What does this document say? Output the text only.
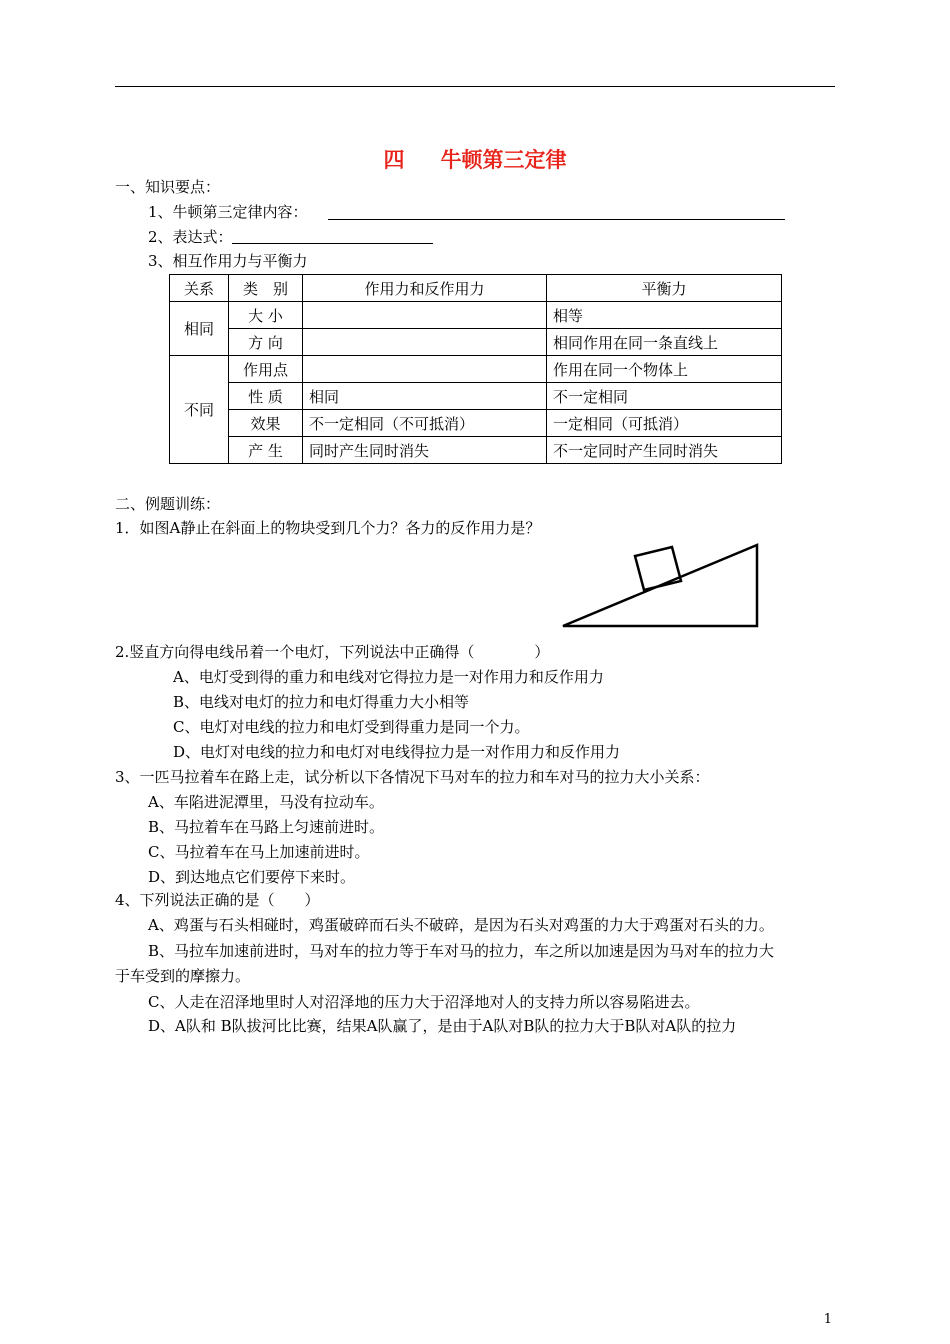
四 牛顿第三定律
一、知识要点：
1、牛顿第三定律内容：
2、表达式：
3、相互作用力与平衡力
关系	类　别	作用力和反作用力	平衡力
相同	大 小		相等
	方 向		相同作用在同一条直线上
不同	作用点		作用在同一个物体上
	性 质	相同	不一定相同
	效果	不一定相同（不可抵消）	一定相同（可抵消）
	产 生	同时产生同时消失	不一定同时产生同时消失
二、例题训练：
1．如图A静止在斜面上的物块受到几个力？各力的反作用力是？
2.竖直方向得电线吊着一个电灯，下列说法中正确得（　　　　）
A、电灯受到得的重力和电线对它得拉力是一对作用力和反作用力
B、电线对电灯的拉力和电灯得重力大小相等
C、电灯对电线的拉力和电灯受到得重力是同一个力。
D、电灯对电线的拉力和电灯对电线得拉力是一对作用力和反作用力
3、一匹马拉着车在路上走，试分析以下各情况下马对车的拉力和车对马的拉力大小关系：
A、车陷进泥潭里，马没有拉动车。
B、马拉着车在马路上匀速前进时。
C、马拉着车在马上加速前进时。
D、到达地点它们要停下来时。
4、下列说法正确的是（　　）
A、鸡蛋与石头相碰时，鸡蛋破碎而石头不破碎，是因为石头对鸡蛋的力大于鸡蛋对石头的力。
B、马拉车加速前进时，马对车的拉力等于车对马的拉力，车之所以加速是因为马对车的拉力大
于车受到的摩擦力。
C、人走在沼泽地里时人对沼泽地的压力大于沼泽地对人的支持力所以容易陷进去。
D、A队和 B队拔河比比赛，结果A队赢了，是由于A队对B队的拉力大于B队对A队的拉力
1
